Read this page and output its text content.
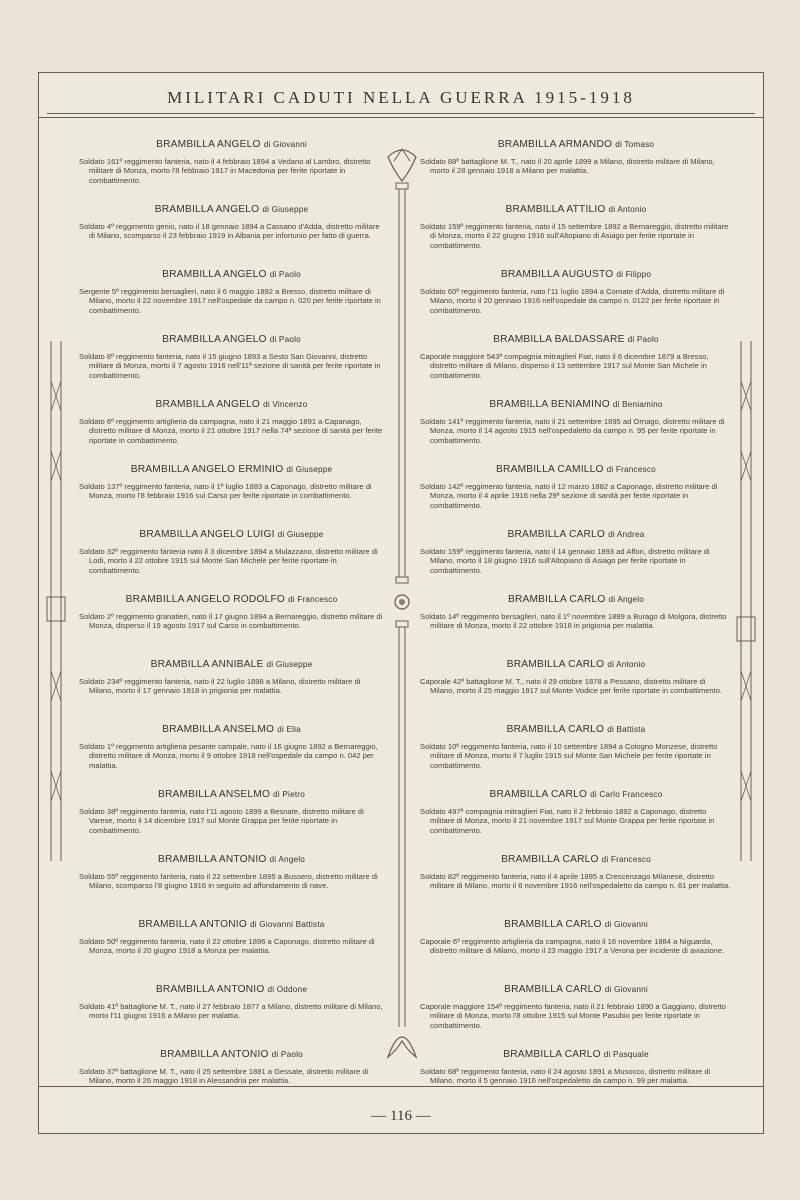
MILITARI CADUTI NELLA GUERRA 1915-1918
BRAMBILLA ANGELO di Giovanni
Soldato 161º reggimento fanteria, nato il 4 febbraio 1894 a Vedano al Lambro, distretto militare di Monza, morto l'8 febbraio 1917 in Macedonia per ferite riportate in combattimento.
BRAMBILLA ANGELO di Giuseppe
Soldato 4º reggimento genio, nato il 18 gennaio 1894 a Cassano d'Adda, distretto militare di Milano, scomparso il 23 febbraio 1919 in Albania per infortunio per fatto di guerra.
BRAMBILLA ANGELO di Paolo
Sergente 5º reggimento bersaglieri, nato il 6 maggio 1892 a Bresso, distretto militare di Milano, morto il 22 novembre 1917 nell'ospedale da campo n. 020 per ferite riportate in combattimento.
BRAMBILLA ANGELO di Paolo
Soldato 8º reggimento fanteria, nato il 15 giugno 1893 a Sesto San Giovanni, distretto militare di Monza, morto il 7 agosto 1916 nell'11ª sezione di sanità per ferite riportate in combattimento.
BRAMBILLA ANGELO di Vincenzo
Soldato 6º reggimento artiglieria da campagna, nato il 21 maggio 1891 a Capanago, distretto militare di Monza, morto il 21 ottobre 1917 nella 74ª sezione di sanità per ferite riportate in combattimento.
BRAMBILLA ANGELO ERMINIO di Giuseppe
Soldato 137º reggimento fanteria, nato il 1º luglio 1883 a Caponago, distretto militare di Monza, morto l'8 febbraio 1916 sul Carso per ferite riportate in combattimento.
BRAMBILLA ANGELO LUIGI di Giuseppe
Soldato 32º reggimento fanteria nato il 3 dicembre 1894 a Mulazzano, distretto militare di Lodi, morto il 22 ottobre 1915 sul Monte San Michele per ferite riportate in combattimento.
BRAMBILLA ANGELO RODOLFO di Francesco
Soldato 2º reggimento granatieri, nato il 17 giugno 1894 a Bernareggio, distretto militare di Monza, disperso il 19 agosto 1917 sul Carso in combattimento.
BRAMBILLA ANNIBALE di Giuseppe
Soldato 234º reggimento fanteria, nato il 22 luglio 1898 a Milano, distretto militare di Milano, morto il 17 gennaio 1918 in prigionia per malattia.
BRAMBILLA ANSELMO di Elia
Soldato 1º reggimento artiglieria pesante campale, nato il 16 giugno 1892 a Bernareggio, distretto militare di Monza, morto il 9 ottobre 1918 nell'ospedale da campo n. 042 per malattia.
BRAMBILLA ANSELMO di Pietro
Soldato 38º reggimento fanteria, nato l'11 agosto 1899 a Besnate, distretto militare di Varese, morto il 14 dicembre 1917 sul Monte Grappa per ferite riportate in combattimento.
BRAMBILLA ANTONIO di Angelo
Soldato 55º reggimento fanteria, nato il 22 settembre 1895 a Bussero, distretto militare di Milano, scomparso l'8 giugno 1916 in seguito ad affondamento di nave.
BRAMBILLA ANTONIO di Giovanni Battista
Soldato 50º reggimento fanteria, nato il 22 ottobre 1896 a Caponago, distretto militare di Monza, morto il 20 giugno 1918 a Monza per malattia.
BRAMBILLA ANTONIO di Oddone
Soldato 41º battaglione M. T., nato il 27 febbraio 1877 a Milano, distretto militare di Milano, morto l'11 giugno 1916 a Milano per malattia.
BRAMBILLA ANTONIO di Paolo
Soldato 37º battaglione M. T., nato il 25 settembre 1881 a Gessate, distretto militare di Milano, morto il 26 maggio 1918 in Alessandria per malattia.
BRAMBILLA ARMANDO di Tomaso
Soldato 88º battaglione M. T., nato il 20 aprile 1899 a Milano, distretto militare di Milano, morto il 28 gennaio 1918 a Milano per malattia.
BRAMBILLA ATTILIO di Antonio
Soldato 159º reggimento fanteria, nato il 15 settembre 1892 a Bernareggio, distretto militare di Monza, morto il 22 giugno 1916 sull'Altopiano di Asiago per ferite riportate in combattimento.
BRAMBILLA AUGUSTO di Filippo
Soldato 60º reggimento fanteria, nato l'11 luglio 1894 a Cornate d'Adda, distretto militare di Milano, morto il 20 gennaio 1916 nell'ospedale da campo n. 0122 per ferite riportate in combattimento.
BRAMBILLA BALDASSARE di Paolo
Caporale maggiore 543ª compagnia mitraglieri Fiat, nato il 6 dicembre 1879 a Bresso, distretto militare di Milano, disperso il 13 settembre 1917 sul Monte San Michele in combattimento.
BRAMBILLA BENIAMINO di Beniamino
Soldato 141º reggimento fanteria, nato il 21 settembre 1895 ad Ornago, distretto militare di Monza, morto il 14 agosto 1915 nell'ospedaletto da campo n. 95 per ferite riportate in combattimento.
BRAMBILLA CAMILLO di Francesco
Soldato 142º reggimento fanteria, nato il 12 marzo 1882 a Caponago, distretto militare di Monza, morto il 4 aprile 1916 nella 29ª sezione di sanità per ferite riportate in combattimento.
BRAMBILLA CARLO di Andrea
Soldato 159º reggimento fanteria, nato il 14 gennaio 1893 ad Affori, distretto militare di Milano, morto il 18 giugno 1916 sull'Altopiano di Asiago per ferite riportate in combattimento.
BRAMBILLA CARLO di Angelo
Soldato 14º reggimento bersaglieri, nato il 1º novembre 1889 a Burago di Molgora, distretto militare di Monza, morto il 22 ottobre 1918 in prigionia per malattia.
BRAMBILLA CARLO di Antonio
Caporale 42º battaglione M. T., nato il 29 ottobre 1878 a Pessano, distretto militare di Milano, morto il 25 maggio 1917 sul Monte Vodice per ferite riportate in combattimento.
BRAMBILLA CARLO di Battista
Soldato 10º reggimento fanteria, nato il 10 settembre 1894 a Cologno Monzese, distretto militare di Monza, morto il 7 luglio 1915 sul Monte San Michele per ferite riportate in combattimento.
BRAMBILLA CARLO di Carlo Francesco
Soldato 497ª compagnia mitraglieri Fiat, nato il 2 febbraio 1892 a Caponago, distretto militare di Monza, morto il 21 novembre 1917 sul Monte Grappa per ferite riportate in combattimento.
BRAMBILLA CARLO di Francesco
Soldato 82º reggimento fanteria, nato il 4 aprile 1895 a Crescenzago Milanese, distretto militare di Milano, morto il 6 novembre 1916 nell'ospedaletto da campo n. 61 per malattia.
BRAMBILLA CARLO di Giovanni
Caporale 6º reggimento artiglieria da campagna, nato il 16 novembre 1884 a Niguarda, distretto militare di Milano, morto il 23 maggio 1917 a Verona per incidente di aviazione.
BRAMBILLA CARLO di Giovanni
Caporale maggiore 154º reggimento fanteria, nato il 21 febbraio 1890 a Gaggiano, distretto militare di Monza, morto l'8 ottobre 1915 sul Monte Pasubio per ferite riportate in combattimento.
BRAMBILLA CARLO di Pasquale
Soldato 68º reggimento fanteria, nato il 24 agosto 1891 a Musocco, distretto militare di Milano, morto il 5 gennaio 1916 nell'ospedaletto da campo n. 99 per malattia.
— 116 —
